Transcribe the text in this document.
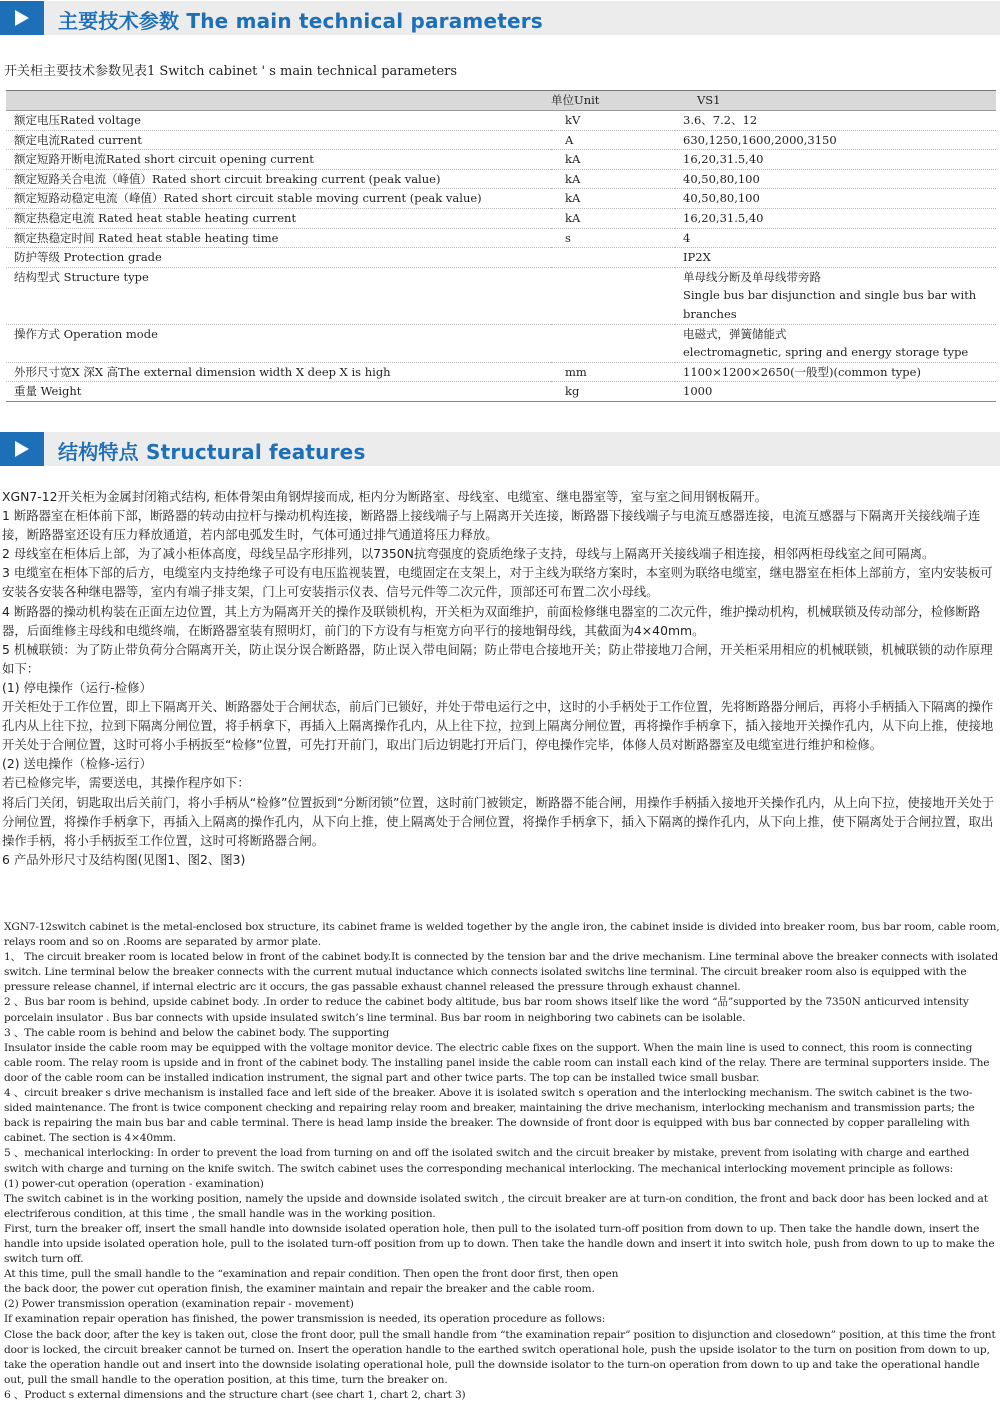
主要技术参数 The main technical parameters
开关柜主要技术参数见表1 Switch cabinet ' s main technical parameters
	单位Unit	VS1
额定电压Rated voltage	kV	3.6、7.2、12

额定电流Rated current	A	630,1250,1600,2000,3150

额定短路开断电流Rated short circuit opening current	kA	16,20,31.5,40

额定短路关合电流（峰值）Rated short circuit breaking current (peak value)	kA	40,50,80,100

额定短路动稳定电流（峰值）Rated short circuit stable moving current (peak value)	kA	40,50,80,100

额定热稳定电流 Rated heat stable heating current	kA	16,20,31.5,40

额定热稳定时间 Rated heat stable heating time	s	4

防护等级 Protection grade		IP2X

结构型式 Structure type		单母线分断及单母线带旁路
Single bus bar disjunction and single bus bar with branches

操作方式 Operation mode		电磁式，弹簧储能式
electromagnetic, spring and energy storage type

外形尺寸宽X 深X 高The external dimension width X deep X is high	mm	1100×1200×2650(一般型)(common type)

重量 Weight	kg	1000
结构特点 Structural features

XGN7-12开关柜为金属封闭箱式结构, 柜体骨架由角钢焊接而成, 柜内分为断路室、母线室、电缆室、继电器室等，室与室之间用钢板隔开。

1 断路器室在柜体前下部，断路器的转动由拉杆与操动机构连接，断路器上接线端子与上隔离开关连接，断路器下接线端子与电流互感器连接，电流互感器与下隔离开关接线端子连接，断路器室还设有压力释放通道，若内部电弧发生时，气体可通过排气通道将压力释放。

2 母线室在柜体后上部，为了减小柜体高度，母线呈品字形排列，以7350N抗弯强度的瓷质绝缘子支持，母线与上隔离开关接线端子相连接，相邻两柜母线室之间可隔离。

3 电缆室在柜体下部的后方，电缆室内支持绝缘子可设有电压监视装置，电缆固定在支架上，对于主线为联络方案时，本室则为联络电缆室，继电器室在柜体上部前方，室内安装板可安装各安装各种继电器等，室内有端子排支架，门上可安装指示仪表、信号元件等二次元件，顶部还可布置二次小母线。

4 断路器的操动机构装在正面左边位置，其上方为隔离开关的操作及联锁机构，开关柜为双面维护，前面检修继电器室的二次元件，维护操动机构，机械联锁及传动部分，检修断路器，后面维修主母线和电缆终端，在断路器室装有照明灯，前门的下方设有与柜宽方向平行的接地铜母线，其截面为4×40mm。

5 机械联锁：为了防止带负荷分合隔离开关，防止误分误合断路器，防止误入带电间隔；防止带电合接地开关；防止带接地刀合闸，开关柜采用相应的机械联锁，机械联锁的动作原理如下：

(1) 停电操作（运行-检修）

开关柜处于工作位置，即上下隔离开关、断路器处于合闸状态，前后门已锁好，并处于带电运行之中，这时的小手柄处于工作位置，先将断路器分闸后，再将小手柄插入下隔离的操作孔内从上往下拉，拉到下隔离分闸位置，将手柄拿下，再插入上隔离操作孔内，从上往下拉，拉到上隔离分闸位置，再将操作手柄拿下，插入接地开关操作孔内，从下向上推，使接地开关处于合闸位置，这时可将小手柄扳至“检修”位置，可先打开前门，取出门后边钥匙打开后门，停电操作完毕，体修人员对断路器室及电缆室进行维护和检修。

(2) 送电操作（检修-运行）

若已检修完毕，需要送电，其操作程序如下：

将后门关闭，钥匙取出后关前门，将小手柄从“检修”位置扳到“分断闭锁”位置，这时前门被锁定，断路器不能合闸，用操作手柄插入接地开关操作孔内，从上向下拉，使接地开关处于分闸位置，将操作手柄拿下，再插入上隔离的操作孔内，从下向上推，使上隔离处于合闸位置，将操作手柄拿下，插入下隔离的操作孔内，从下向上推，使下隔离处于合闸拉置，取出操作手柄，将小手柄扳至工作位置，这时可将断路器合闸。

6 产品外形尺寸及结构图(见图1、图2、图3)

XGN7-12switch cabinet is the metal-enclosed box structure, its cabinet frame is welded together by the angle iron, the cabinet inside is divided into breaker room, bus bar room, cable room, relays room and so on .Rooms are separated by armor plate.

1、 The circuit breaker room is located below in front of the cabinet body.It is connected by the tension bar and the drive mechanism. Line terminal above the breaker connects with isolated switch. Line terminal below the breaker connects with the current mutual inductance which connects isolated switchs line terminal. The circuit breaker room also is equipped with the pressure release channel, if internal electric arc it occurs, the gas passable exhaust channel released the pressure through exhaust channel.

2 、Bus bar room is behind, upside cabinet body. .In order to reduce the cabinet body altitude, bus bar room shows itself like the word “品”supported by the 7350N anticurved intensity porcelain insulator . Bus bar connects with upside insulated switch’s line terminal. Bus bar room in neighboring two cabinets can be isolable.

3 、The cable room is behind and below the cabinet body. The supporting

Insulator inside the cable room may be equipped with the voltage monitor device. The electric cable fixes on the support. When the main line is used to connect, this room is connecting cable room. The relay room is upside and in front of the cabinet body. The installing panel inside the cable room can install each kind of the relay. There are terminal supporters inside. The door of the cable room can be installed indication instrument, the signal part and other twice parts. The top can be installed twice small busbar.

4 、circuit breaker s drive mechanism is installed face and left side of the breaker. Above it is isolated switch s operation and the interlocking mechanism. The switch cabinet is the two-sided maintenance. The front is twice component checking and repairing relay room and breaker, maintaining the drive mechanism, interlocking mechanism and transmission parts; the back is repairing the main bus bar and cable terminal. There is head lamp inside the breaker. The downside of front door is equipped with bus bar connected by copper paralleling with cabinet. The section is 4×40mm.

5 、mechanical interlocking: In order to prevent the load from turning on and off the isolated switch and the circuit breaker by mistake, prevent from isolating with charge and earthed switch with charge and turning on the knife switch. The switch cabinet uses the corresponding mechanical interlocking. The mechanical interlocking movement principle as follows:

(1) power-cut operation (operation - examination)

The switch cabinet is in the working position, namely the upside and downside isolated switch , the circuit breaker are at turn-on condition, the front and back door has been locked and at electriferous condition, at this time , the small handle was in the working position.

First, turn the breaker off, insert the small handle into downside isolated operation hole, then pull to the isolated turn-off position from down to up. Then take the handle down, insert the handle into upside isolated operation hole, pull to the isolated turn-off position from up to down. Then take the handle down and insert it into switch hole, push from down to up to make the switch turn off.

At this time, pull the small handle to the “examination and repair condition. Then open the front door first, then open

the back door, the power cut operation finish, the examiner maintain and repair the breaker and the cable room.

(2) Power transmission operation (examination repair - movement)

If examination repair operation has finished, the power transmission is needed, its operation procedure as follows:

Close the back door, after the key is taken out, close the front door, pull the small handle from “the examination repair” position to disjunction and closedown” position, at this time the front door is locked, the circuit breaker cannot be turned on. Insert the operation handle to the earthed switch operational hole, push the upside isolator to the turn on position from down to up, take the operation handle out and insert into the downside isolating operational hole, pull the downside isolator to the turn-on operation from down to up and take the operational handle out, pull the small handle to the operation position, at this time, turn the breaker on.

6 、Product s external dimensions and the structure chart (see chart 1, chart 2, chart 3)
